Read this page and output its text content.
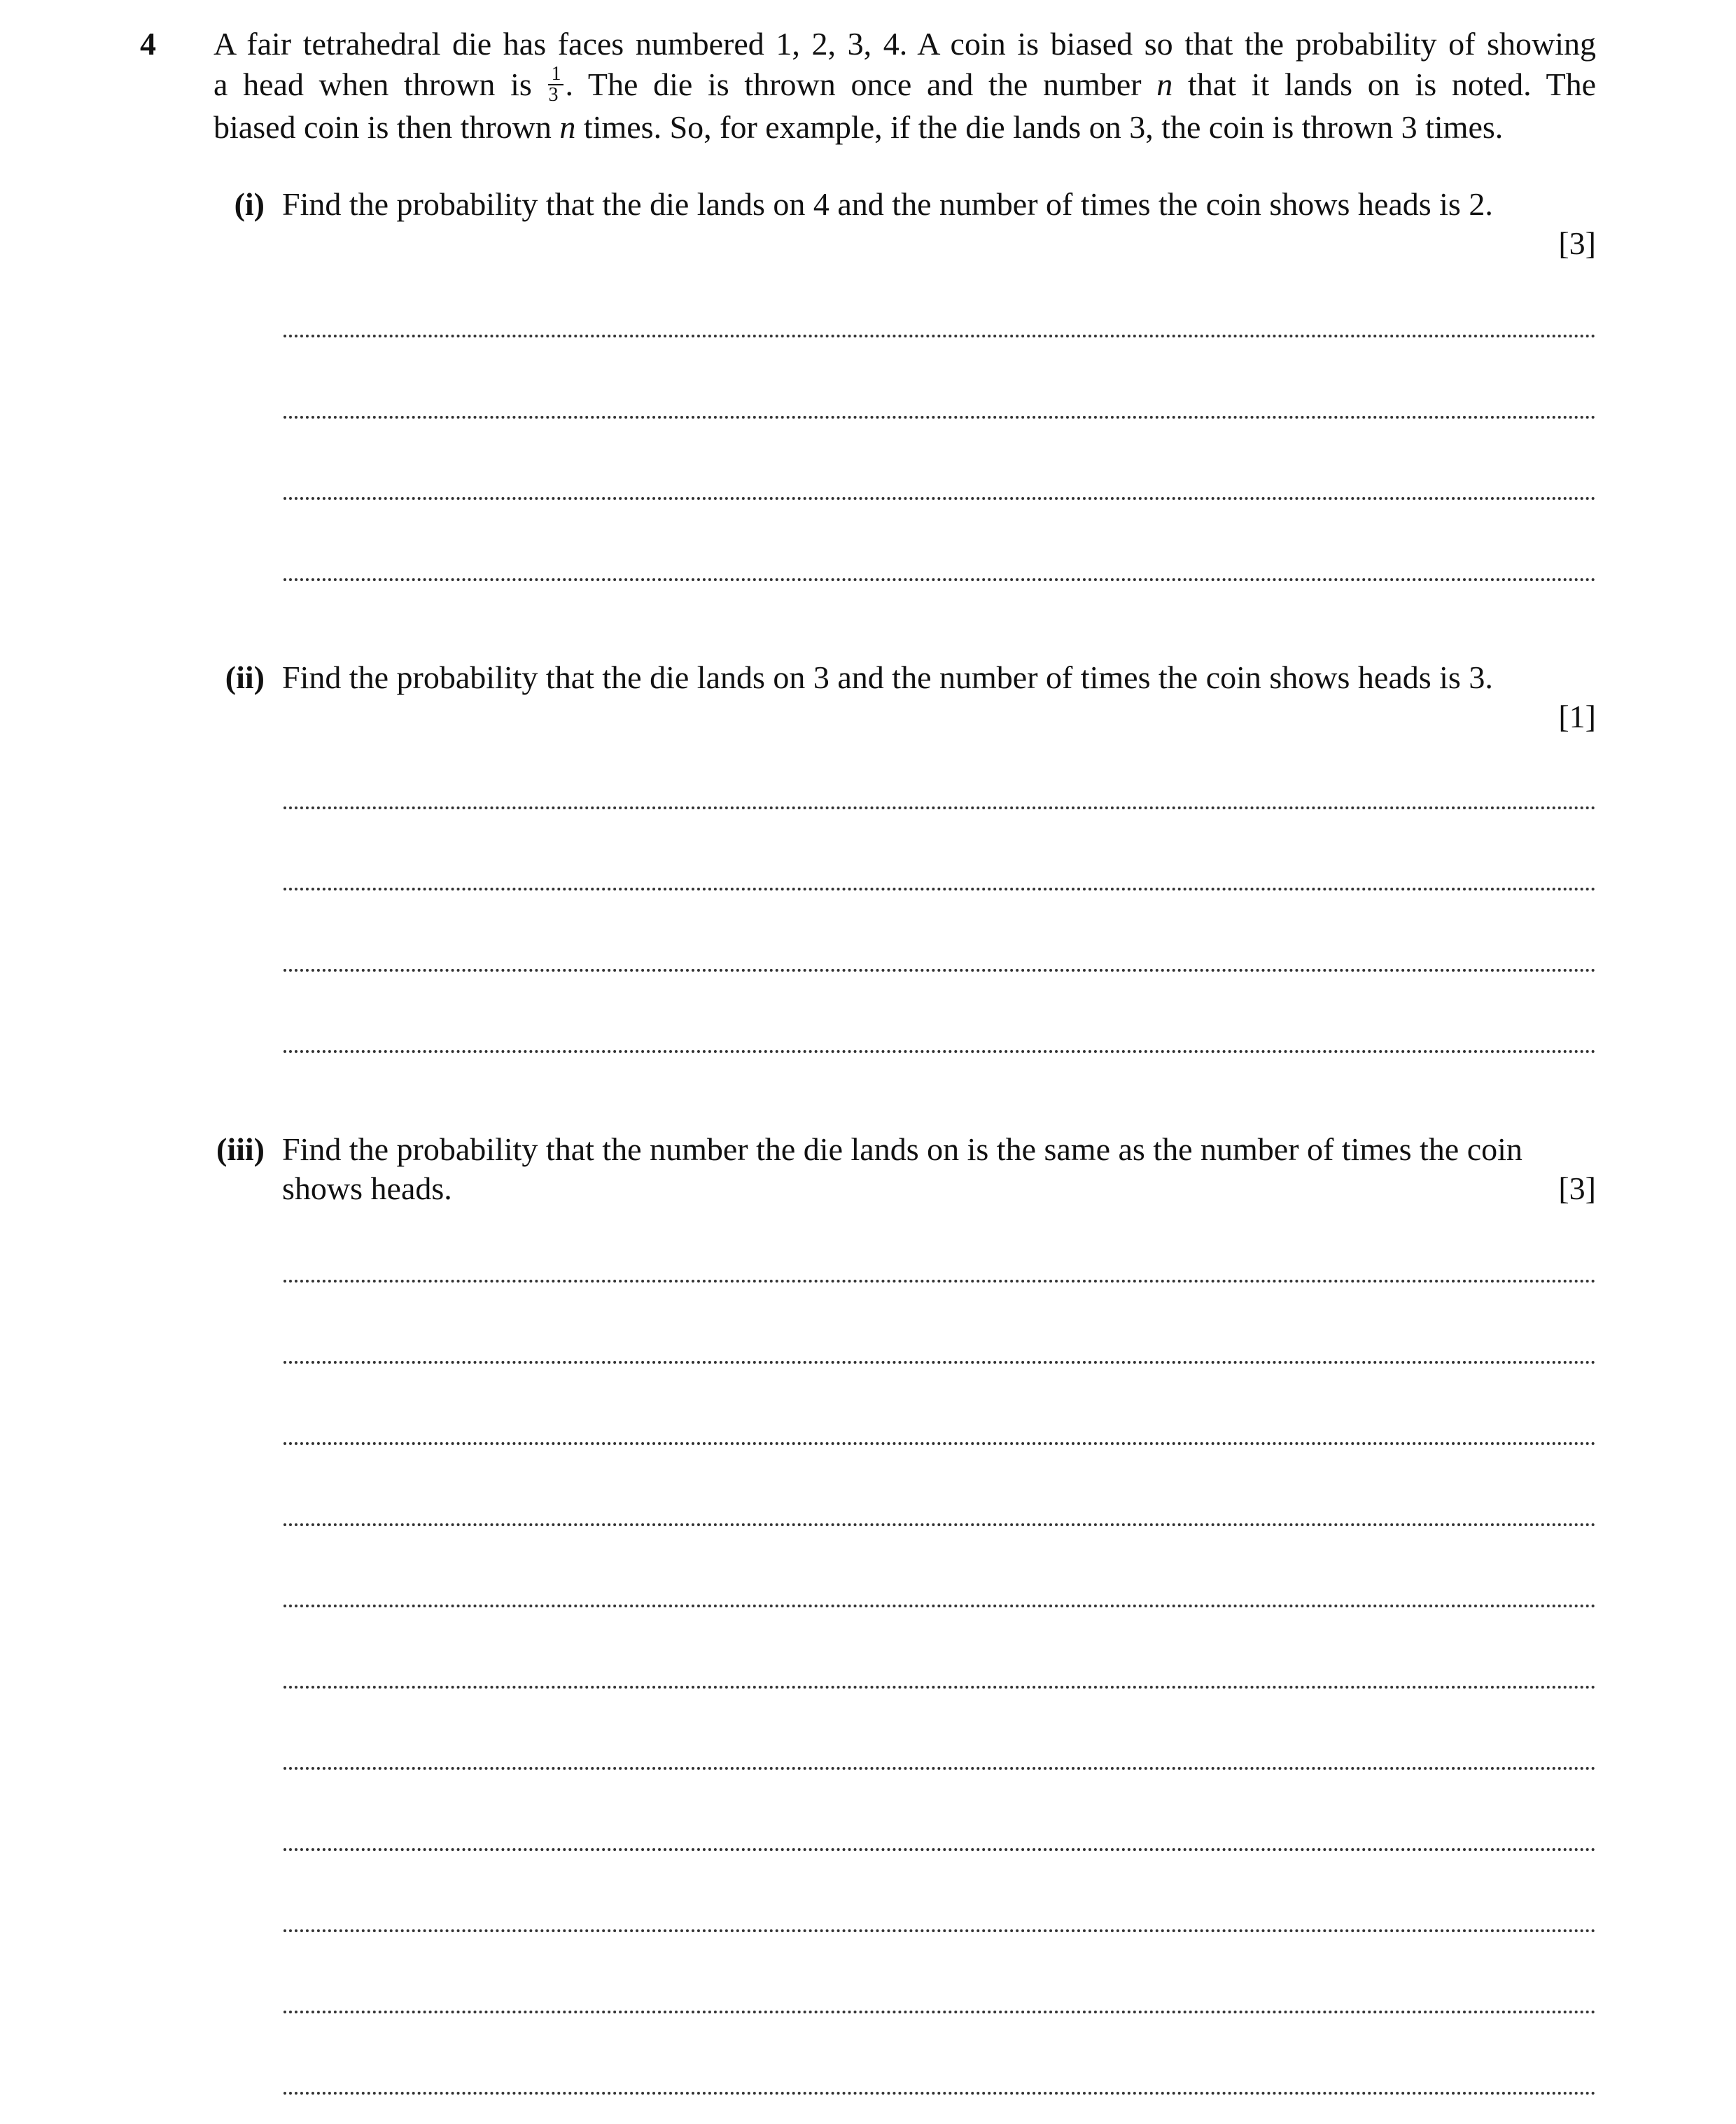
4 A fair tetrahedral die has faces numbered 1, 2, 3, 4. A coin is biased so that the probability of showing
a head when thrown is $\frac{1}{3}$ . The die is thrown once and the number n that it lands on is noted. The
biased coin is then thrown n times. So, for example, if the die lands on 3, the coin is thrown 3 times.
(i) Find the probability that the die lands on 4 and the number of times the coin shows heads is 2.
[3]
(ii) Find the probability that the die lands on 3 and the number of times the coin shows heads is 3.
[1]
(iii) Find the probability that the number the die lands on is the same as the number of times the coin
shows heads.	[3]
